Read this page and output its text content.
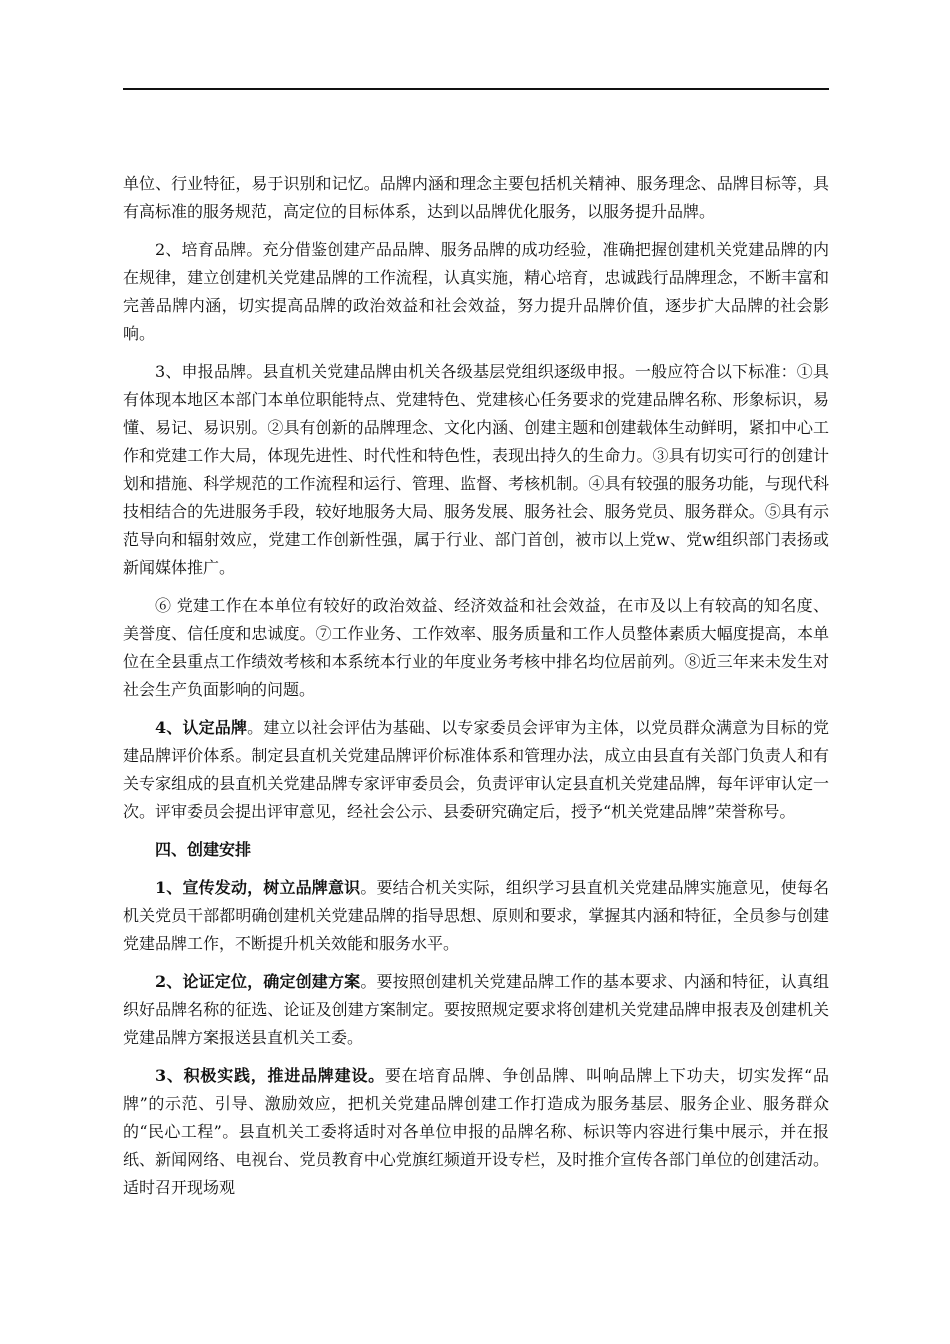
单位、行业特征，易于识别和记忆。品牌内涵和理念主要包括机关精神、服务理念、品牌目标等，具有高标准的服务规范，高定位的目标体系，达到以品牌优化服务，以服务提升品牌。

2、培育品牌。充分借鉴创建产品品牌、服务品牌的成功经验，准确把握创建机关党建品牌的内在规律，建立创建机关党建品牌的工作流程，认真实施，精心培育，忠诚践行品牌理念，不断丰富和完善品牌内涵，切实提高品牌的政治效益和社会效益，努力提升品牌价值，逐步扩大品牌的社会影响。

3、申报品牌。县直机关党建品牌由机关各级基层党组织逐级申报。一般应符合以下标准：①具有体现本地区本部门本单位职能特点、党建特色、党建核心任务要求的党建品牌名称、形象标识，易懂、易记、易识别。②具有创新的品牌理念、文化内涵、创建主题和创建载体生动鲜明，紧扣中心工作和党建工作大局，体现先进性、时代性和特色性，表现出持久的生命力。③具有切实可行的创建计划和措施、科学规范的工作流程和运行、管理、监督、考核机制。④具有较强的服务功能，与现代科技相结合的先进服务手段，较好地服务大局、服务发展、服务社会、服务党员、服务群众。⑤具有示范导向和辐射效应，党建工作创新性强，属于行业、部门首创，被市以上党w、党w组织部门表扬或新闻媒体推广。

⑥ 党建工作在本单位有较好的政治效益、经济效益和社会效益，在市及以上有较高的知名度、美誉度、信任度和忠诚度。⑦工作业务、工作效率、服务质量和工作人员整体素质大幅度提高，本单位在全县重点工作绩效考核和本系统本行业的年度业务考核中排名均位居前列。⑧近三年来未发生对社会生产负面影响的问题。

4、认定品牌。建立以社会评估为基础、以专家委员会评审为主体，以党员群众满意为目标的党建品牌评价体系。制定县直机关党建品牌评价标准体系和管理办法，成立由县直有关部门负责人和有关专家组成的县直机关党建品牌专家评审委员会，负责评审认定县直机关党建品牌，每年评审认定一次。评审委员会提出评审意见，经社会公示、县委研究确定后，授予“机关党建品牌”荣誉称号。

四、创建安排

1、宣传发动，树立品牌意识。要结合机关实际，组织学习县直机关党建品牌实施意见，使每名机关党员干部都明确创建机关党建品牌的指导思想、原则和要求，掌握其内涵和特征，全员参与创建党建品牌工作，不断提升机关效能和服务水平。

2、论证定位，确定创建方案。要按照创建机关党建品牌工作的基本要求、内涵和特征，认真组织好品牌名称的征选、论证及创建方案制定。要按照规定要求将创建机关党建品牌申报表及创建机关党建品牌方案报送县直机关工委。

3、积极实践，推进品牌建设。要在培育品牌、争创品牌、叫响品牌上下功夫，切实发挥“品牌”的示范、引导、激励效应，把机关党建品牌创建工作打造成为服务基层、服务企业、服务群众的“民心工程”。县直机关工委将适时对各单位申报的品牌名称、标识等内容进行集中展示，并在报纸、新闻网络、电视台、党员教育中心党旗红频道开设专栏，及时推介宣传各部门单位的创建活动。适时召开现场观
